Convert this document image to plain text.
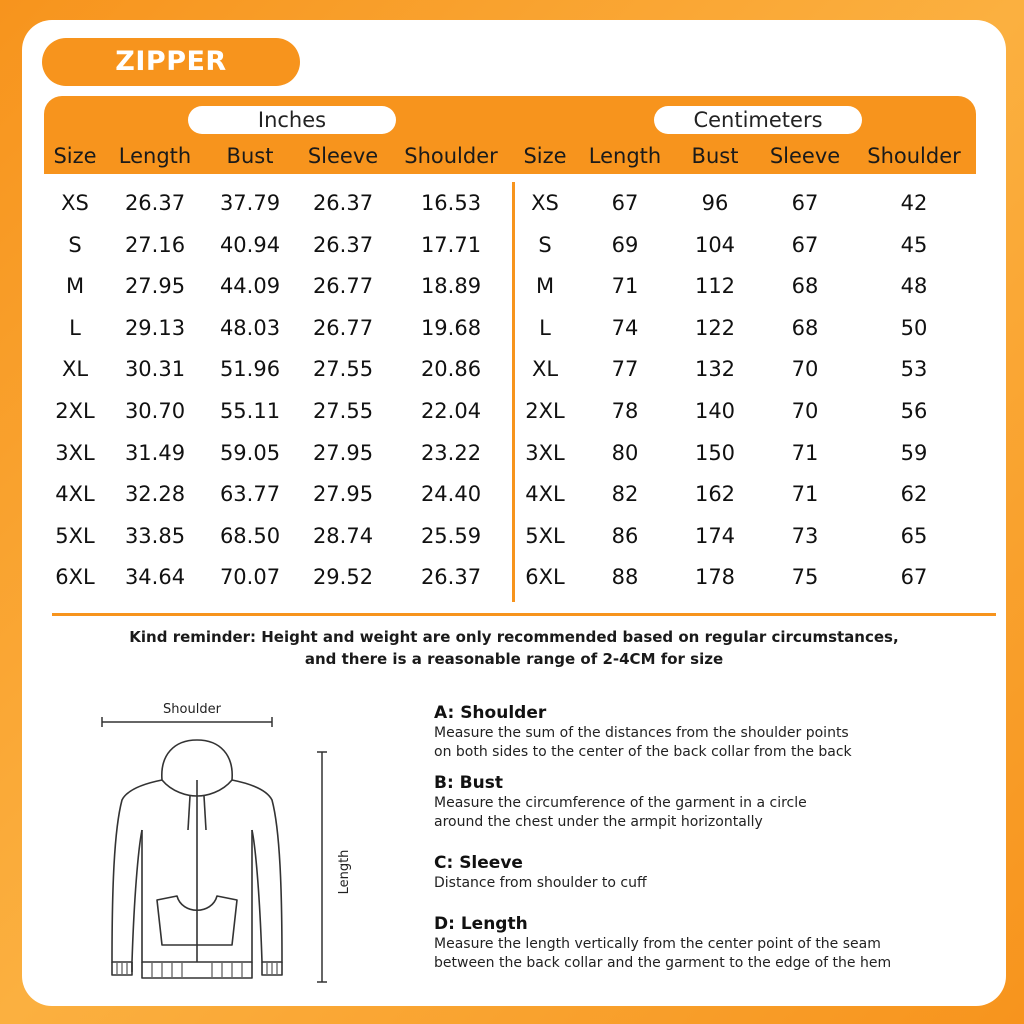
ZIPPER
Inches	Centimeters
Size	Length	Bust	Sleeve	Shoulder	Size	Length	Bust	Sleeve	Shoulder
XS	26.37	37.79	26.37	16.53	XS	67	96	67	42
S	27.16	40.94	26.37	17.71	S	69	104	67	45
M	27.95	44.09	26.77	18.89	M	71	112	68	48
L	29.13	48.03	26.77	19.68	L	74	122	68	50
XL	30.31	51.96	27.55	20.86	XL	77	132	70	53
2XL	30.70	55.11	27.55	22.04	2XL	78	140	70	56
3XL	31.49	59.05	27.95	23.22	3XL	80	150	71	59
4XL	32.28	63.77	27.95	24.40	4XL	82	162	71	62
5XL	33.85	68.50	28.74	25.59	5XL	86	174	73	65
6XL	34.64	70.07	29.52	26.37	6XL	88	178	75	67
Kind reminder: Height and weight are only recommended based on regular circumstances,
and there is a reasonable range of 2-4CM for size
Shoulder
Length
A: Shoulder
Measure the sum of the distances from the shoulder points
on both sides to the center of the back collar from the back
B: Bust
Measure the circumference of the garment in a circle
around the chest under the armpit horizontally
C: Sleeve
Distance from shoulder to cuff
D: Length
Measure the length vertically from the center point of the seam
between the back collar and the garment to the edge of the hem
